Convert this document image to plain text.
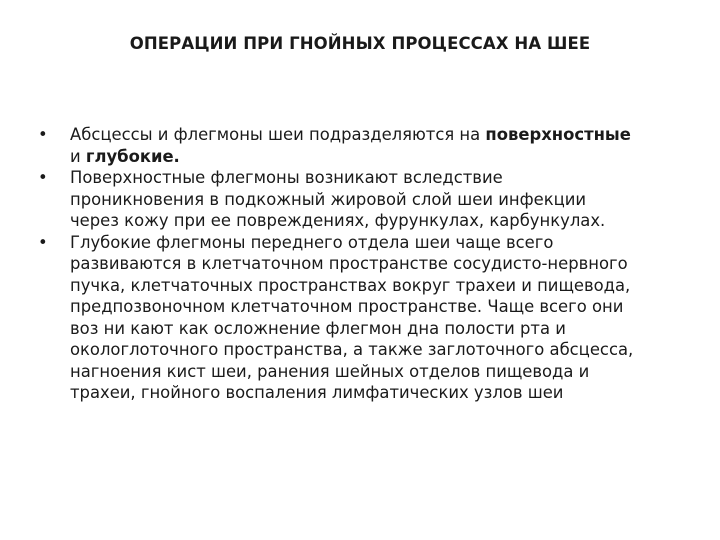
ОПЕРАЦИИ ПРИ ГНОЙНЫХ ПРОЦЕССАХ НА ШЕЕ
•	Абсцессы и флегмоны шеи подразделяются на поверхностные
и глубокие.
•	Поверхностные флегмоны возникают вследствие
проникновения в подкожный жировой слой шеи инфекции
через кожу при ее повреждениях, фурункулах, карбункулах.
•	Глубокие флегмоны переднего отдела шеи чаще всего
развиваются в клетчаточном пространстве сосудисто-нервного
пучка, клетчаточных пространствах вокруг трахеи и пищевода,
предпозвоночном клетчаточном пространстве. Чаще всего они
воз ни кают как осложнение флегмон дна полости рта и
окологлоточного пространства, а также заглоточного абсцесса,
нагноения кист шеи, ранения шейных отделов пищевода и
трахеи, гнойного воспаления лимфатических узлов шеи
